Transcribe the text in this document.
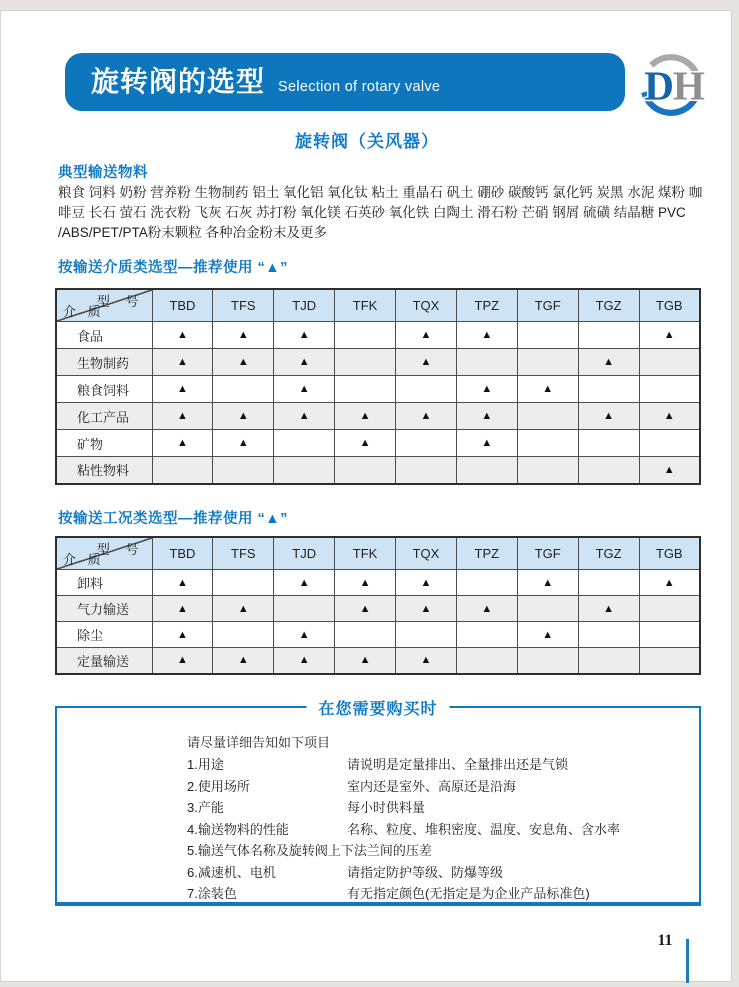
旋转阀的选型 Selection of rotary valve	DH
旋转阀（关风器）
典型输送物料
粮食 饲料 奶粉 营养粉 生物制药 铝土 氧化铝 氧化钛 粘土 重晶石 矾土 硼砂 碳酸钙 氯化钙 炭黑 水泥 煤粉 咖啡豆 长石 萤石 洗衣粉 飞灰 石灰 苏打粉 氧化镁 石英砂 氧化铁 白陶土 滑石粉 芒硝 钢屑 硫磺 结晶糖 PVC /ABS/PET/PTA粉末颗粒 各种冶金粉末及更多
按输送介质类选型—推荐使用 “▲”
型 号
介 质	TBD	TFS	TJD	TFK	TQX	TPZ	TGF	TGZ	TGB
食品	▲	▲	▲		▲	▲			▲
生物制药	▲	▲	▲		▲			▲	
粮食饲料	▲		▲			▲	▲		
化工产品	▲	▲	▲	▲	▲	▲		▲	▲
矿物	▲	▲		▲		▲			
粘性物料									▲
按输送工况类选型—推荐使用 “▲”
型 号
介 质	TBD	TFS	TJD	TFK	TQX	TPZ	TGF	TGZ	TGB
卸料	▲		▲	▲	▲		▲		▲
气力输送	▲	▲		▲	▲	▲		▲	
除尘	▲		▲				▲		
定量输送	▲	▲	▲	▲	▲				
在您需要购买时
请尽量详细告知如下项目
1.用途	请说明是定量排出、全量排出还是气锁
2.使用场所	室内还是室外、高原还是沿海
3.产能	每小时供料量
4.输送物料的性能	名称、粒度、堆积密度、温度、安息角、含水率
5.输送气体名称及旋转阀上下法兰间的压差
6.减速机、电机	请指定防护等级、防爆等级
7.涂装色	有无指定颜色(无指定是为企业产品标准色)
11
